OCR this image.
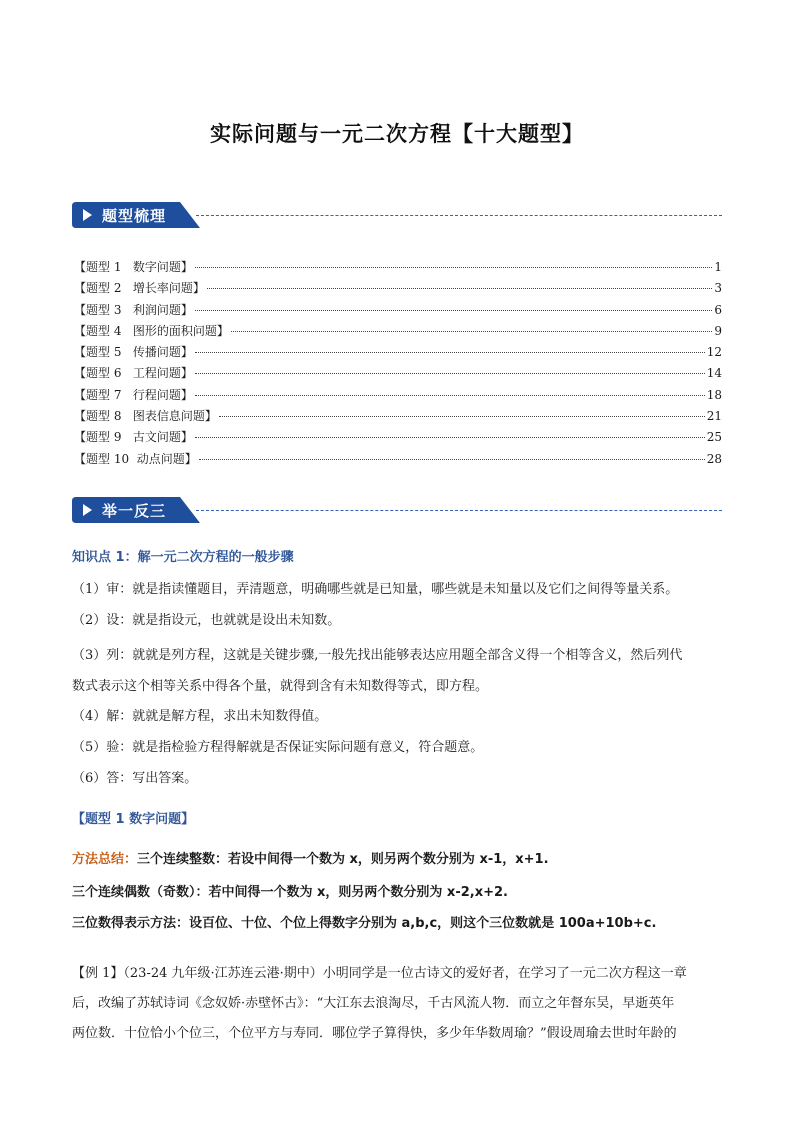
实际问题与一元二次方程【十大题型】
题型梳理
【题型 1   数字问题】	1
【题型 2   增长率问题】	3
【题型 3   利润问题】	6
【题型 4   图形的面积问题】	9
【题型 5   传播问题】	12
【题型 6   工程问题】	14
【题型 7   行程问题】	18
【题型 8   图表信息问题】	21
【题型 9   古文问题】	25
【题型 10  动点问题】	28
举一反三
知识点 1：解一元二次方程的一般步骤
（1）审：就是指读懂题目，弄清题意，明确哪些就是已知量，哪些就是未知量以及它们之间得等量关系。
（2）设：就是指设元，也就就是设出未知数。
（3）列：就就是列方程，这就是关键步骤,一般先找出能够表达应用题全部含义得一个相等含义，然后列代
数式表示这个相等关系中得各个量，就得到含有未知数得等式，即方程。
（4）解：就就是解方程，求出未知数得值。
（5）验：就是指检验方程得解就是否保证实际问题有意义，符合题意。
（6）答：写出答案。
【题型 1 数字问题】
方法总结：三个连续整数：若设中间得一个数为 x，则另两个数分别为 x-1，x+1.
三个连续偶数（奇数）：若中间得一个数为 x，则另两个数分别为 x-2,x+2.
三位数得表示方法：设百位、十位、个位上得数字分别为 a,b,c，则这个三位数就是 100a+10b+c.
【例 1】（23-24 九年级·江苏连云港·期中）小明同学是一位古诗文的爱好者，在学习了一元二次方程这一章
后，改编了苏轼诗词《念奴娇·赤壁怀古》：“大江东去浪淘尽，千古风流人物．而立之年督东吴，早逝英年
两位数．十位恰小个位三，个位平方与寿同．哪位学子算得快，多少年华数周瑜？”假设周瑜去世时年龄的
